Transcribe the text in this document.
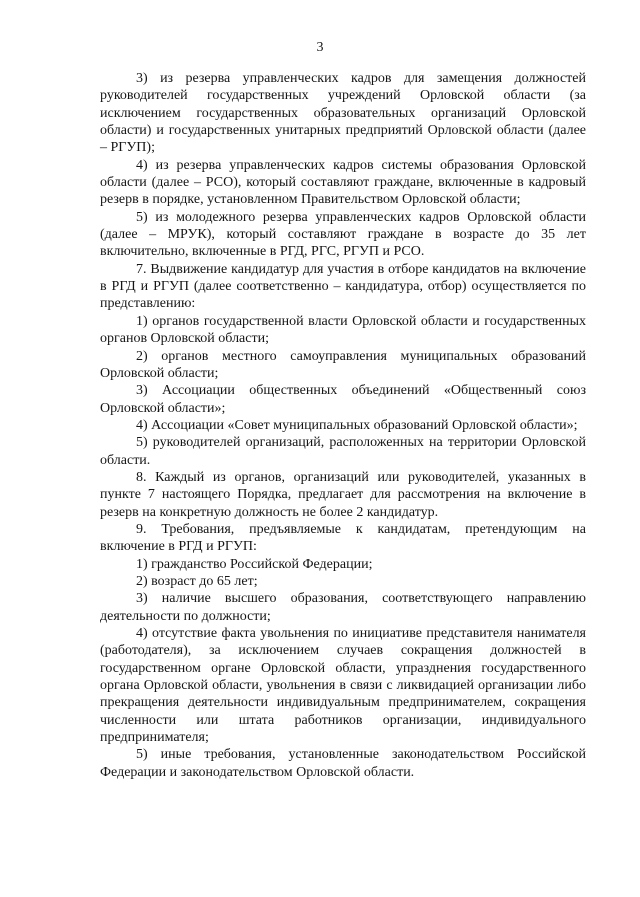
3

3) из резерва управленческих кадров для замещения должностей руководителей государственных учреждений Орловской области (за исключением государственных образовательных организаций Орловской области) и государственных унитарных предприятий Орловской области (далее – РГУП);

4) из резерва управленческих кадров системы образования Орловской области (далее – РСО), который составляют граждане, включенные в кадровый резерв в порядке, установленном Правительством Орловской области;

5) из молодежного резерва управленческих кадров Орловской области (далее – МРУК), который составляют граждане в возрасте до 35 лет включительно, включенные в РГД, РГС, РГУП и РСО.

7. Выдвижение кандидатур для участия в отборе кандидатов на включение в РГД и РГУП (далее соответственно – кандидатура, отбор) осуществляется по представлению:

1) органов государственной власти Орловской области и государственных органов Орловской области;

2) органов местного самоуправления муниципальных образований Орловской области;

3) Ассоциации общественных объединений «Общественный союз Орловской области»;

4) Ассоциации «Совет муниципальных образований Орловской области»;

5) руководителей организаций, расположенных на территории Орловской области.

8. Каждый из органов, организаций или руководителей, указанных в пункте 7 настоящего Порядка, предлагает для рассмотрения на включение в резерв на конкретную должность не более 2 кандидатур.

9. Требования, предъявляемые к кандидатам, претендующим на включение в РГД и РГУП:

1) гражданство Российской Федерации;

2) возраст до 65 лет;

3) наличие высшего образования, соответствующего направлению деятельности по должности;

4) отсутствие факта увольнения по инициативе представителя нанимателя (работодателя), за исключением случаев сокращения должностей в государственном органе Орловской области, упразднения государственного органа Орловской области, увольнения в связи с ликвидацией организации либо прекращения деятельности индивидуальным предпринимателем, сокращения численности или штата работников организации, индивидуального предпринимателя;

5) иные требования, установленные законодательством Российской Федерации и законодательством Орловской области.
